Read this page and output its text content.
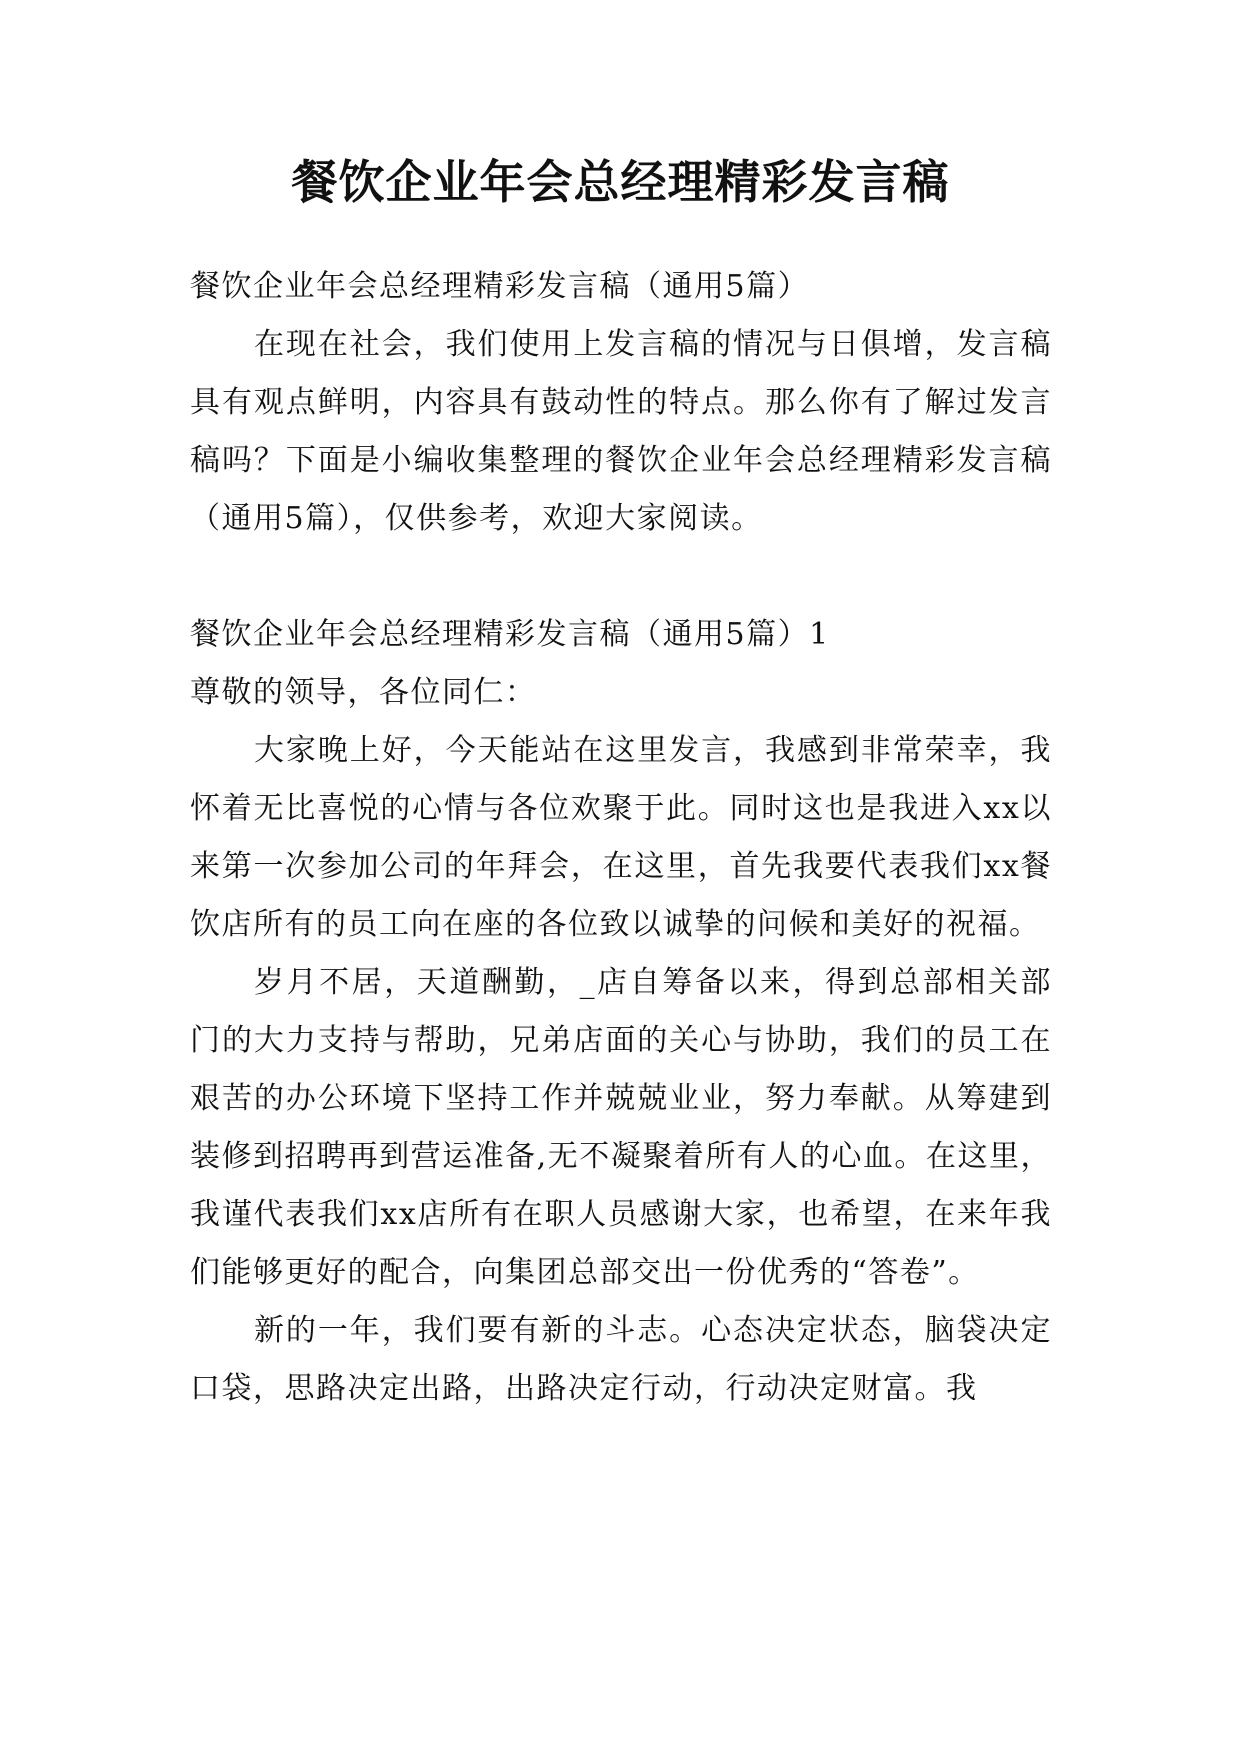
餐饮企业年会总经理精彩发言稿

餐饮企业年会总经理精彩发言稿（通用5篇）

在现在社会，我们使用上发言稿的情况与日俱增，发言稿具有观点鲜明，内容具有鼓动性的特点。那么你有了解过发言稿吗？下面是小编收集整理的餐饮企业年会总经理精彩发言稿（通用5篇），仅供参考，欢迎大家阅读。

餐饮企业年会总经理精彩发言稿（通用5篇）1

尊敬的领导，各位同仁：

大家晚上好，今天能站在这里发言，我感到非常荣幸，我怀着无比喜悦的心情与各位欢聚于此。同时这也是我进入xx以来第一次参加公司的年拜会，在这里，首先我要代表我们xx餐饮店所有的员工向在座的各位致以诚挚的问候和美好的祝福。

岁月不居，天道酬勤，_店自筹备以来，得到总部相关部门的大力支持与帮助，兄弟店面的关心与协助，我们的员工在艰苦的办公环境下坚持工作并兢兢业业，努力奉献。从筹建到装修到招聘再到营运准备,无不凝聚着所有人的心血。在这里，我谨代表我们xx店所有在职人员感谢大家，也希望，在来年我们能够更好的配合，向集团总部交出一份优秀的“答卷”。

新的一年，我们要有新的斗志。心态决定状态，脑袋决定口袋，思路决定出路，出路决定行动，行动决定财富。我
